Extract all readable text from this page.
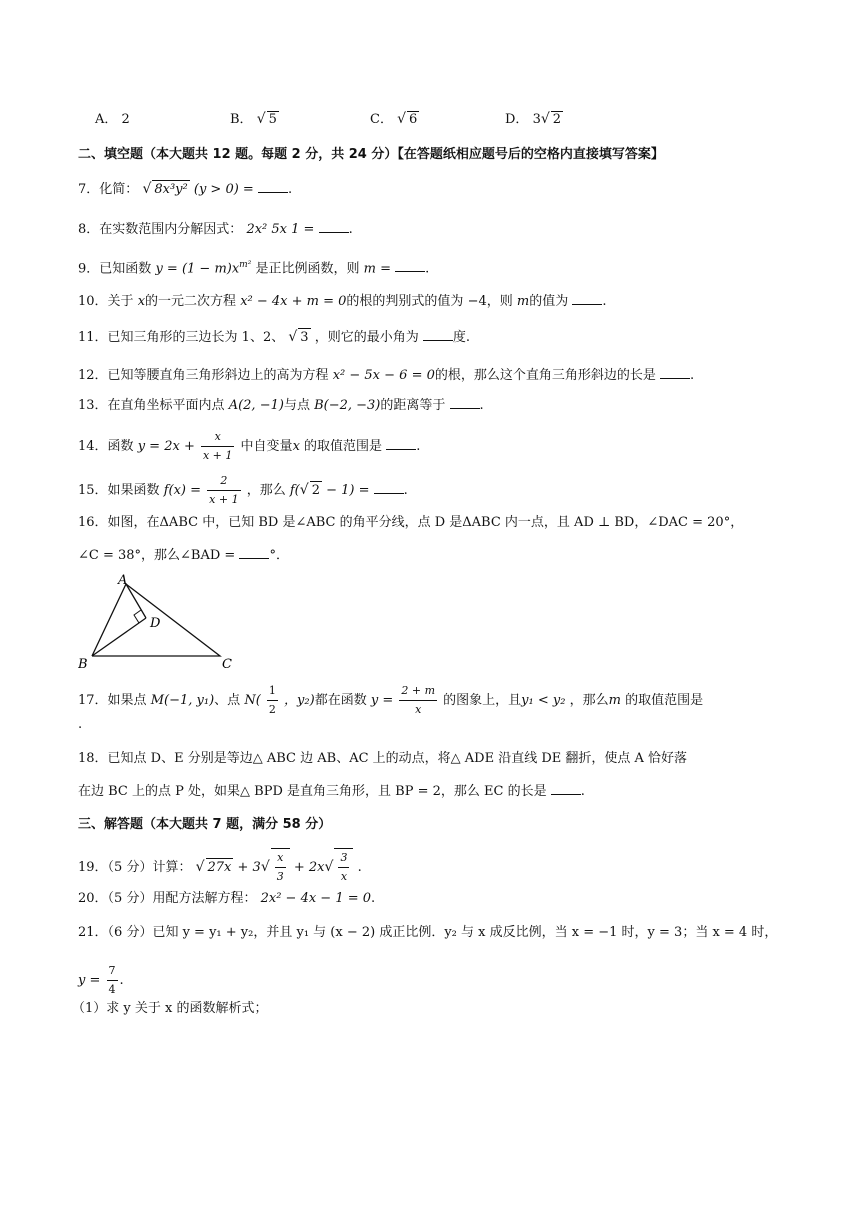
A． 2	B． √ 5	C． √ 6	D． 3√ 2
二、填空题（本大题共 12 题。每题 2 分，共 24 分）【在答题纸相应题号后的空格内直接填写答案】
7．化简： √ 8x³y² (y > 0) =	.
8．在实数范围内分解因式： 2x² 5x 1 =	.
9．已知函数 $y = (1 - m)x^{m^2}$ 是正比例函数，则 m =	.
10．关于 x的一元二次方程 x² − 4x + m = 0的根的判别式的值为 −4，则 m的值为	.
11．已知三角形的三边长为 1、2、 √ 3 ，则它的最小角为	度.
12．已知等腰直角三角形斜边上的高为方程 x² − 5x − 6 = 0的根，那么这个直角三角形斜边的长是	.
13．在直角坐标平面内点 A(2, −1)与点 B(−2, −3)的距离等于	.
14．函数 $y = 2x + \frac{x}{x + 1}$ 中自变量x 的取值范围是	.
15．如果函数 $f(x) = \frac{2}{x + 1}$ ，那么 f(√ 2 − 1) =	.
16．如图，在ΔABC 中，已知 BD 是∠ABC 的角平分线，点 D 是ΔABC 内一点，且 AD ⊥ BD，∠DAC = 20°，
∠C = 38°，那么∠BAD =	°．
A
B	C
D
17．如果点 M(−1, y₁)、点 $N( \frac{1}{2}$ ，y₂)都在函数 $y = \frac{2 + m}{x}$ 的图象上，且y₁ < y₂ ，那么m 的取值范围是
.
18．已知点 D、E 分别是等边△ ABC 边 AB、AC 上的动点，将△ ADE 沿直线 DE 翻折，使点 A 恰好落
在边 BC 上的点 P 处，如果△ BPD 是直角三角形，且 BP = 2，那么 EC 的长是	.
三、解答题（本大题共 7 题，满分 58 分）
19．（5 分）计算： √ $27x + 3√ \frac{x}{3} + 2x√ \frac{3}{x}$ .
20．（5 分）用配方法解方程： 2x² − 4x − 1 = 0.
21．（6 分）已知 y = y₁ + y₂，并且 y₁ 与 (x − 2) 成正比例．y₂ 与 x 成反比例，当 x = −1 时，y = 3；当 x = 4 时，
$y = \frac{7}{4}$ .
（1）求 y 关于 x 的函数解析式；
